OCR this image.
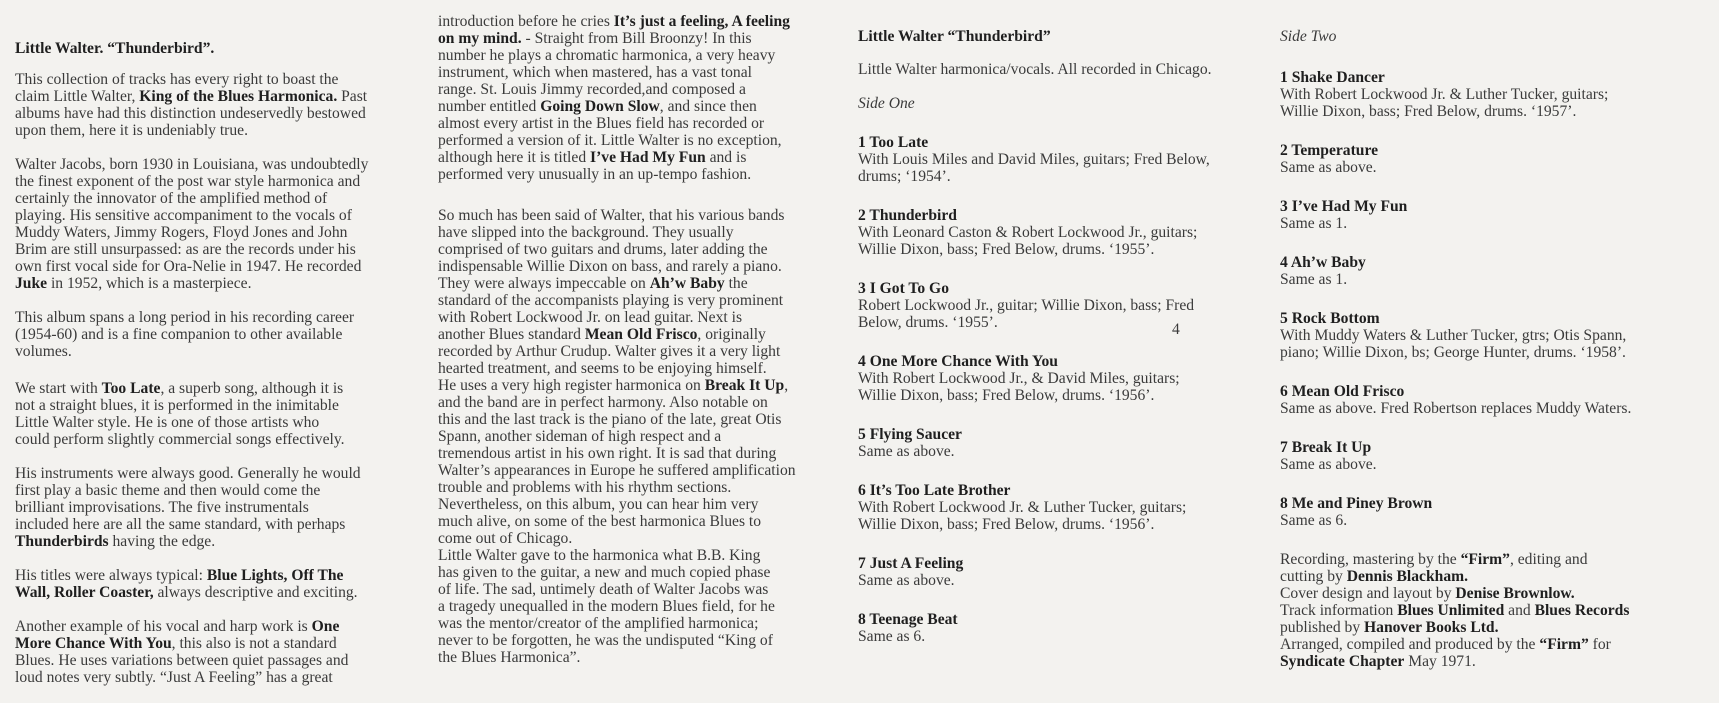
Little Walter. “Thunderbird”.

This collection of tracks has every right to boast the
claim Little Walter, King of the Blues Harmonica. Past
albums have had this distinction undeservedly bestowed
upon them, here it is undeniably true.

Walter Jacobs, born 1930 in Louisiana, was undoubtedly
the finest exponent of the post war style harmonica and
certainly the innovator of the amplified method of
playing. His sensitive accompaniment to the vocals of
Muddy Waters, Jimmy Rogers, Floyd Jones and John
Brim are still unsurpassed: as are the records under his
own first vocal side for Ora-Nelie in 1947. He recorded
Juke in 1952, which is a masterpiece.

This album spans a long period in his recording career
(1954-60) and is a fine companion to other available
volumes.

We start with Too Late, a superb song, although it is
not a straight blues, it is performed in the inimitable
Little Walter style. He is one of those artists who
could perform slightly commercial songs effectively.

His instruments were always good. Generally he would
first play a basic theme and then would come the
brilliant improvisations. The five instrumentals
included here are all the same standard, with perhaps
Thunderbirds having the edge.

His titles were always typical: Blue Lights, Off The
Wall, Roller Coaster, always descriptive and exciting.

Another example of his vocal and harp work is One
More Chance With You, this also is not a standard
Blues. He uses variations between quiet passages and
loud notes very subtly. “Just A Feeling” has a great

introduction before he cries It’s just a feeling, A feeling
on my mind. - Straight from Bill Broonzy! In this
number he plays a chromatic harmonica, a very heavy
instrument, which when mastered, has a vast tonal
range. St. Louis Jimmy recorded,and composed a
number entitled Going Down Slow, and since then
almost every artist in the Blues field has recorded or
performed a version of it. Little Walter is no exception,
although here it is titled I’ve Had My Fun and is
performed very unusually in an up-tempo fashion.

So much has been said of Walter, that his various bands
have slipped into the background. They usually
comprised of two guitars and drums, later adding the
indispensable Willie Dixon on bass, and rarely a piano.
They were always impeccable on Ah’w Baby the
standard of the accompanists playing is very prominent
with Robert Lockwood Jr. on lead guitar. Next is
another Blues standard Mean Old Frisco, originally
recorded by Arthur Crudup. Walter gives it a very light
hearted treatment, and seems to be enjoying himself.
He uses a very high register harmonica on Break It Up,
and the band are in perfect harmony. Also notable on
this and the last track is the piano of the late, great Otis
Spann, another sideman of high respect and a
tremendous artist in his own right. It is sad that during
Walter’s appearances in Europe he suffered amplification
trouble and problems with his rhythm sections.
Nevertheless, on this album, you can hear him very
much alive, on some of the best harmonica Blues to
come out of Chicago.
Little Walter gave to the harmonica what B.B. King
has given to the guitar, a new and much copied phase
of life. The sad, untimely death of Walter Jacobs was
a tragedy unequalled in the modern Blues field, for he
was the mentor/creator of the amplified harmonica;
never to be forgotten, he was the undisputed “King of
the Blues Harmonica”.

Little Walter “Thunderbird”
Little Walter harmonica/vocals. All recorded in Chicago.
Side One
1 Too Late
With Louis Miles and David Miles, guitars; Fred Below,
drums; ‘1954’.
2 Thunderbird
With Leonard Caston & Robert Lockwood Jr., guitars;
Willie Dixon, bass; Fred Below, drums. ‘1955’.
3 I Got To Go
Robert Lockwood Jr., guitar; Willie Dixon, bass; Fred
Below, drums. ‘1955’.
4 One More Chance With You
With Robert Lockwood Jr., & David Miles, guitars;
Willie Dixon, bass; Fred Below, drums. ‘1956’.
5 Flying Saucer
Same as above.
6 It’s Too Late Brother
With Robert Lockwood Jr. & Luther Tucker, guitars;
Willie Dixon, bass; Fred Below, drums. ‘1956’.
7 Just A Feeling
Same as above.
8 Teenage Beat
Same as 6.
4
Side Two
1 Shake Dancer
With Robert Lockwood Jr. & Luther Tucker, guitars;
Willie Dixon, bass; Fred Below, drums. ‘1957’.
2 Temperature
Same as above.
3 I’ve Had My Fun
Same as 1.
4 Ah’w Baby
Same as 1.
5 Rock Bottom
With Muddy Waters & Luther Tucker, gtrs; Otis Spann,
piano; Willie Dixon, bs; George Hunter, drums. ‘1958’.
6 Mean Old Frisco
Same as above. Fred Robertson replaces Muddy Waters.
7 Break It Up
Same as above.
8 Me and Piney Brown
Same as 6.
Recording, mastering by the “Firm”, editing and
cutting by Dennis Blackham.
Cover design and layout by Denise Brownlow.
Track information Blues Unlimited and Blues Records
published by Hanover Books Ltd.
Arranged, compiled and produced by the “Firm” for
Syndicate Chapter May 1971.
